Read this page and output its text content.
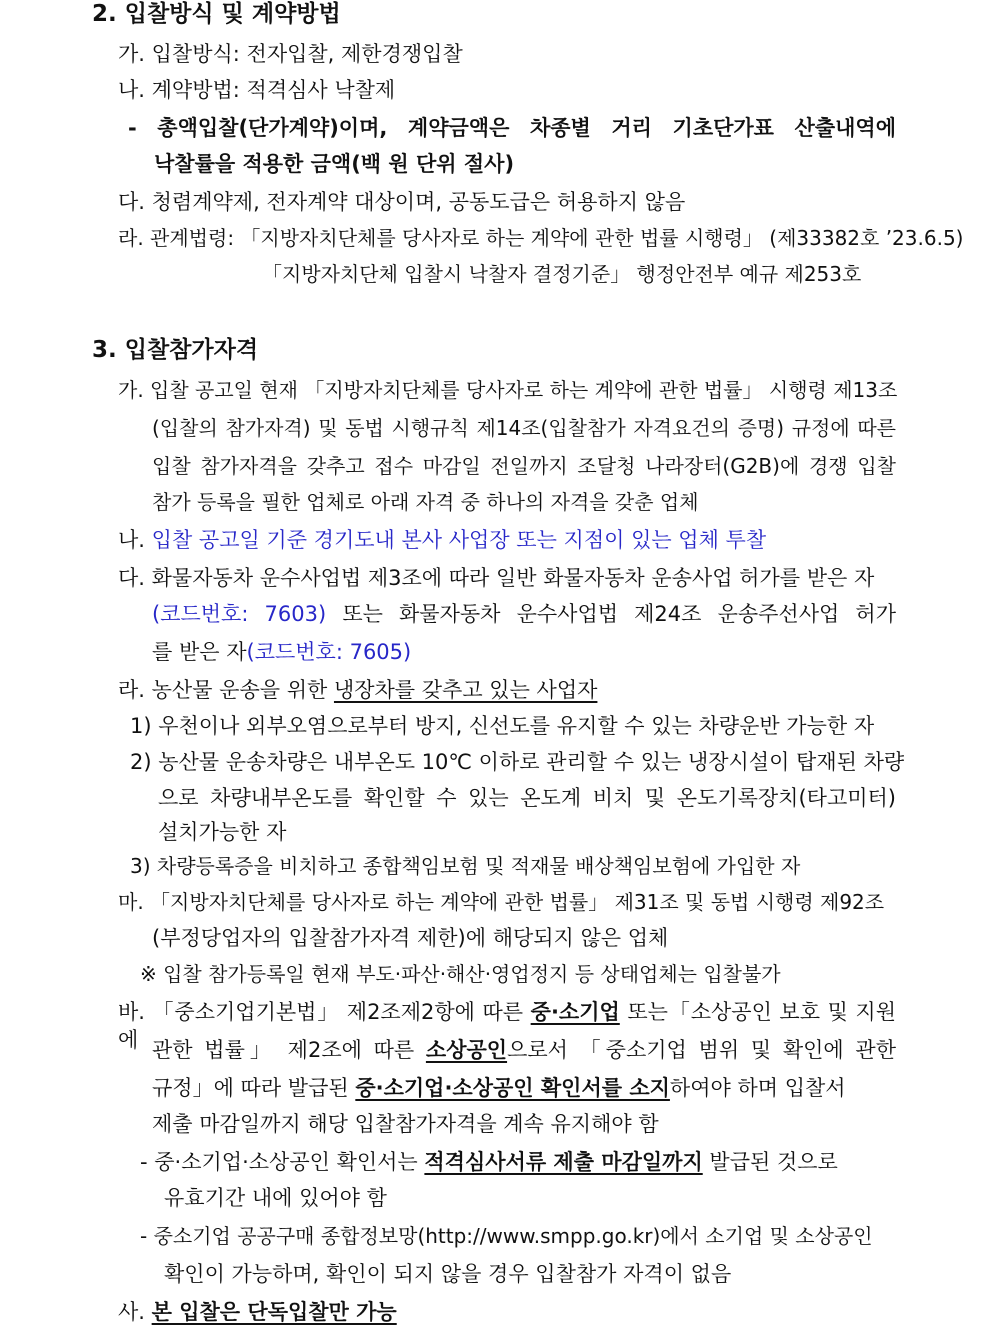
2. 입찰방식 및 계약방법
가. 입찰방식: 전자입찰, 제한경쟁입찰
나. 계약방법: 적격심사 낙찰제
- 총액입찰(단가계약)이며, 계약금액은 차종별 거리 기초단가표 산출내역에
낙찰률을 적용한 금액(백 원 단위 절사)
다. 청렴계약제, 전자계약 대상이며, 공동도급은 허용하지 않음
라. 관계법령: 「지방자치단체를 당사자로 하는 계약에 관한 법률 시행령」 (제33382호 ’23.6.5)
「지방자치단체 입찰시 낙찰자 결정기준」 행정안전부 예규 제253호
3. 입찰참가자격
가. 입찰 공고일 현재 「지방자치단체를 당사자로 하는 계약에 관한 법률」 시행령 제13조
(입찰의 참가자격) 및 동법 시행규칙 제14조(입찰참가 자격요건의 증명) 규정에 따른
입찰 참가자격을 갖추고 접수 마감일 전일까지 조달청 나라장터(G2B)에 경쟁 입찰
참가 등록을 필한 업체로 아래 자격 중 하나의 자격을 갖춘 업체
나. 입찰 공고일 기준 경기도내 본사 사업장 또는 지점이 있는 업체 투찰
다. 화물자동차 운수사업법 제3조에 따라 일반 화물자동차 운송사업 허가를 받은 자
(코드번호: 7603) 또는 화물자동차 운수사업법 제24조 운송주선사업 허가
를 받은 자(코드번호: 7605)
라. 농산물 운송을 위한 냉장차를 갖추고 있는 사업자
1) 우천이나 외부오염으로부터 방지, 신선도를 유지할 수 있는 차량운반 가능한 자
2) 농산물 운송차량은 내부온도 10℃ 이하로 관리할 수 있는 냉장시설이 탑재된 차량
으로 차량내부온도를 확인할 수 있는 온도계 비치 및 온도기록장치(타고미터)
설치가능한 자
3) 차량등록증을 비치하고 종합책임보험 및 적재물 배상책임보험에 가입한 자
마. 「지방자치단체를 당사자로 하는 계약에 관한 법률」 제31조 및 동법 시행령 제92조
(부정당업자의 입찰참가자격 제한)에 해당되지 않은 업체
※ 입찰 참가등록일 현재 부도·파산·해산·영업정지 등 상태업체는 입찰불가
바. 「중소기업기본법」 제2조제2항에 따른 중·소기업 또는「소상공인 보호 및 지원에 관한 법률」 제2조에 따른 소상공인으로서 「중소기업 범위 및 확인에 관한
규정」에 따라 발급된 중·소기업·소상공인 확인서를 소지하여야 하며 입찰서
제출 마감일까지 해당 입찰참가자격을 계속 유지해야 함
- 중·소기업·소상공인 확인서는 적격심사서류 제출 마감일까지 발급된 것으로
유효기간 내에 있어야 함
- 중소기업 공공구매 종합정보망(http://www.smpp.go.kr)에서 소기업 및 소상공인
확인이 가능하며, 확인이 되지 않을 경우 입찰참가 자격이 없음
사. 본 입찰은 단독입찰만 가능
